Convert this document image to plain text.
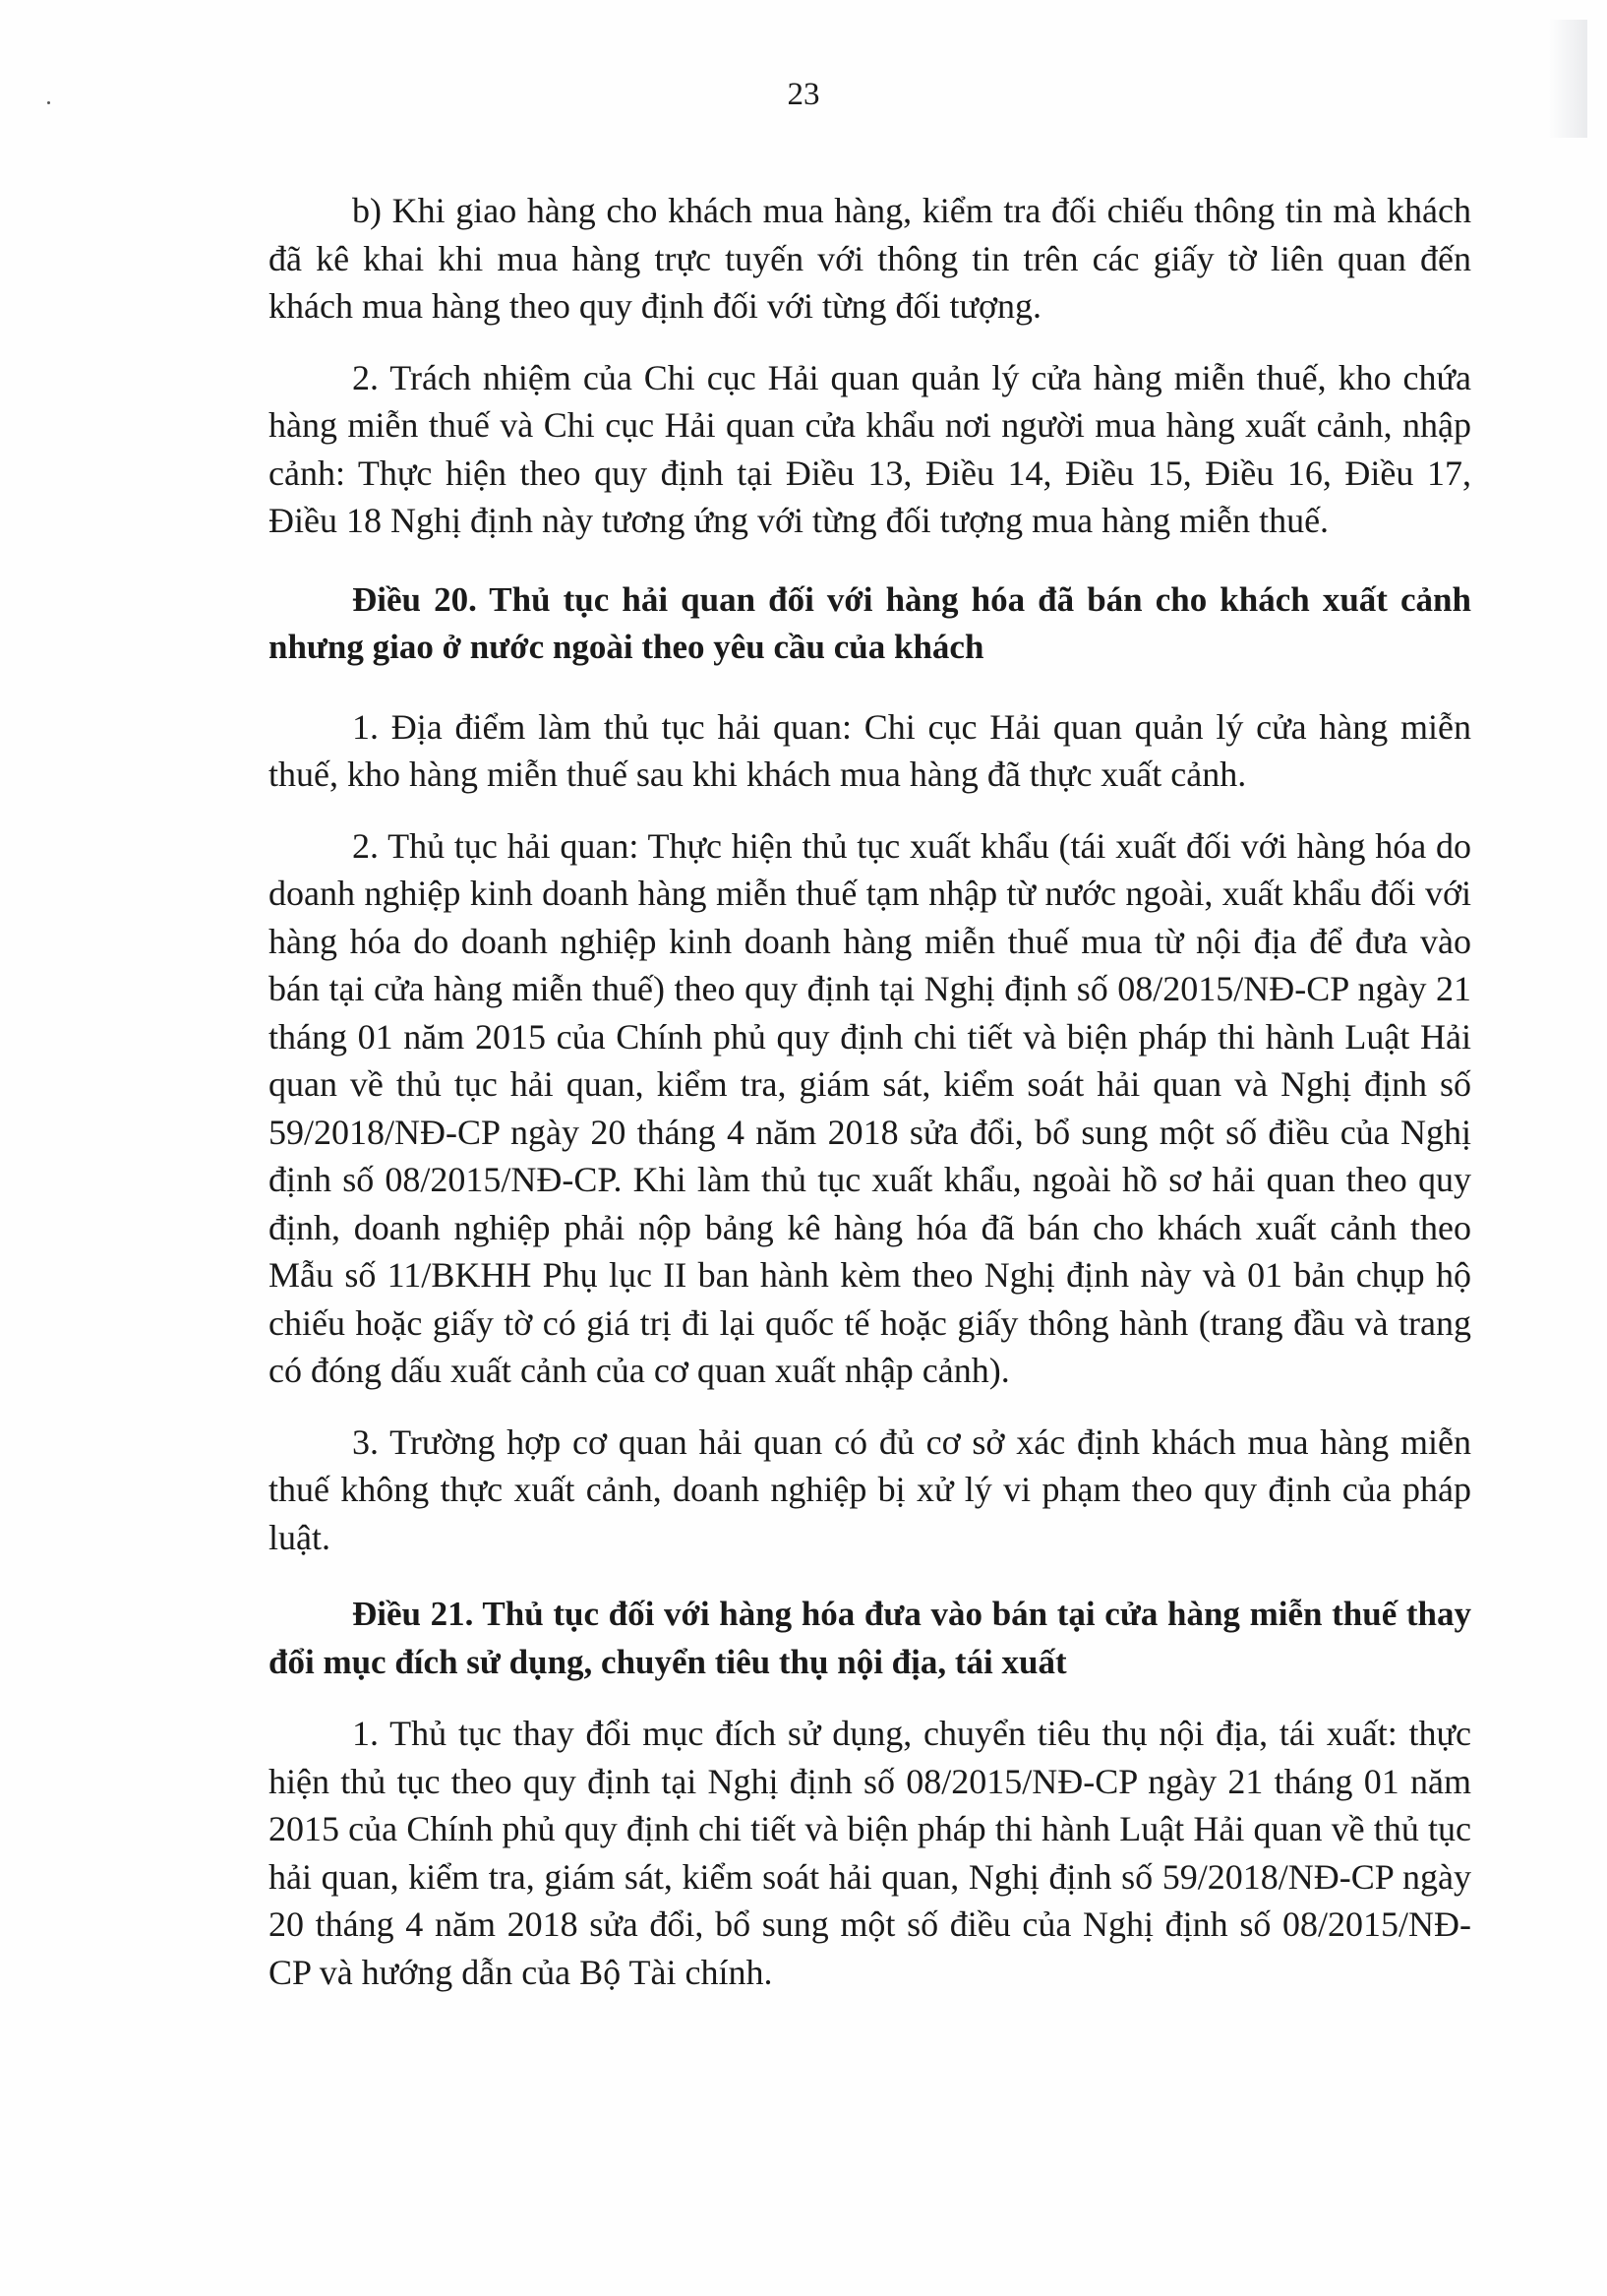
23

b) Khi giao hàng cho khách mua hàng, kiểm tra đối chiếu thông tin mà khách đã kê khai khi mua hàng trực tuyến với thông tin trên các giấy tờ liên quan đến khách mua hàng theo quy định đối với từng đối tượng.

2. Trách nhiệm của Chi cục Hải quan quản lý cửa hàng miễn thuế, kho chứa hàng miễn thuế và Chi cục Hải quan cửa khẩu nơi người mua hàng xuất cảnh, nhập cảnh: Thực hiện theo quy định tại Điều 13, Điều 14, Điều 15, Điều 16, Điều 17, Điều 18 Nghị định này tương ứng với từng đối tượng mua hàng miễn thuế.

Điều 20. Thủ tục hải quan đối với hàng hóa đã bán cho khách xuất cảnh nhưng giao ở nước ngoài theo yêu cầu của khách

1. Địa điểm làm thủ tục hải quan: Chi cục Hải quan quản lý cửa hàng miễn thuế, kho hàng miễn thuế sau khi khách mua hàng đã thực xuất cảnh.

2. Thủ tục hải quan: Thực hiện thủ tục xuất khẩu (tái xuất đối với hàng hóa do doanh nghiệp kinh doanh hàng miễn thuế tạm nhập từ nước ngoài, xuất khẩu đối với hàng hóa do doanh nghiệp kinh doanh hàng miễn thuế mua từ nội địa để đưa vào bán tại cửa hàng miễn thuế) theo quy định tại Nghị định số 08/2015/NĐ-CP ngày 21 tháng 01 năm 2015 của Chính phủ quy định chi tiết và biện pháp thi hành Luật Hải quan về thủ tục hải quan, kiểm tra, giám sát, kiểm soát hải quan và Nghị định số 59/2018/NĐ-CP ngày 20 tháng 4 năm 2018 sửa đổi, bổ sung một số điều của Nghị định số 08/2015/NĐ-CP. Khi làm thủ tục xuất khẩu, ngoài hồ sơ hải quan theo quy định, doanh nghiệp phải nộp bảng kê hàng hóa đã bán cho khách xuất cảnh theo Mẫu số 11/BKHH Phụ lục II ban hành kèm theo Nghị định này và 01 bản chụp hộ chiếu hoặc giấy tờ có giá trị đi lại quốc tế hoặc giấy thông hành (trang đầu và trang có đóng dấu xuất cảnh của cơ quan xuất nhập cảnh).

3. Trường hợp cơ quan hải quan có đủ cơ sở xác định khách mua hàng miễn thuế không thực xuất cảnh, doanh nghiệp bị xử lý vi phạm theo quy định của pháp luật.

Điều 21. Thủ tục đối với hàng hóa đưa vào bán tại cửa hàng miễn thuế thay đổi mục đích sử dụng, chuyển tiêu thụ nội địa, tái xuất

1. Thủ tục thay đổi mục đích sử dụng, chuyển tiêu thụ nội địa, tái xuất: thực hiện thủ tục theo quy định tại Nghị định số 08/2015/NĐ-CP ngày 21 tháng 01 năm 2015 của Chính phủ quy định chi tiết và biện pháp thi hành Luật Hải quan về thủ tục hải quan, kiểm tra, giám sát, kiểm soát hải quan, Nghị định số 59/2018/NĐ-CP ngày 20 tháng 4 năm 2018 sửa đổi, bổ sung một số điều của Nghị định số 08/2015/NĐ-CP và hướng dẫn của Bộ Tài chính.
